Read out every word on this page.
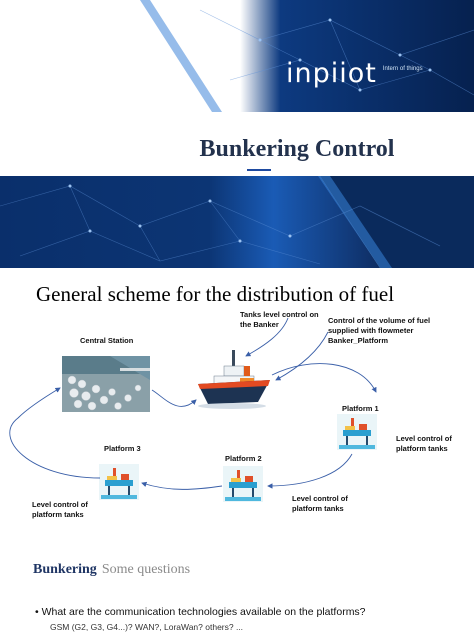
inpiiot Intern of things
Bunkering Control
General scheme for the distribution of fuel
Central Station
Tanks level control on the Banker	Control of the volume of fuel supplied with flowmeter Banker_Platform
Platform 1
Level control of platform tanks
Platform 2
Level control of platform tanks
Platform 3
Level control of platform tanks
Bunkering Some questions
• What are the communication technologies available on the platforms?
GSM (G2, G3, G4...)? WAN?, LoraWan? others? ...
